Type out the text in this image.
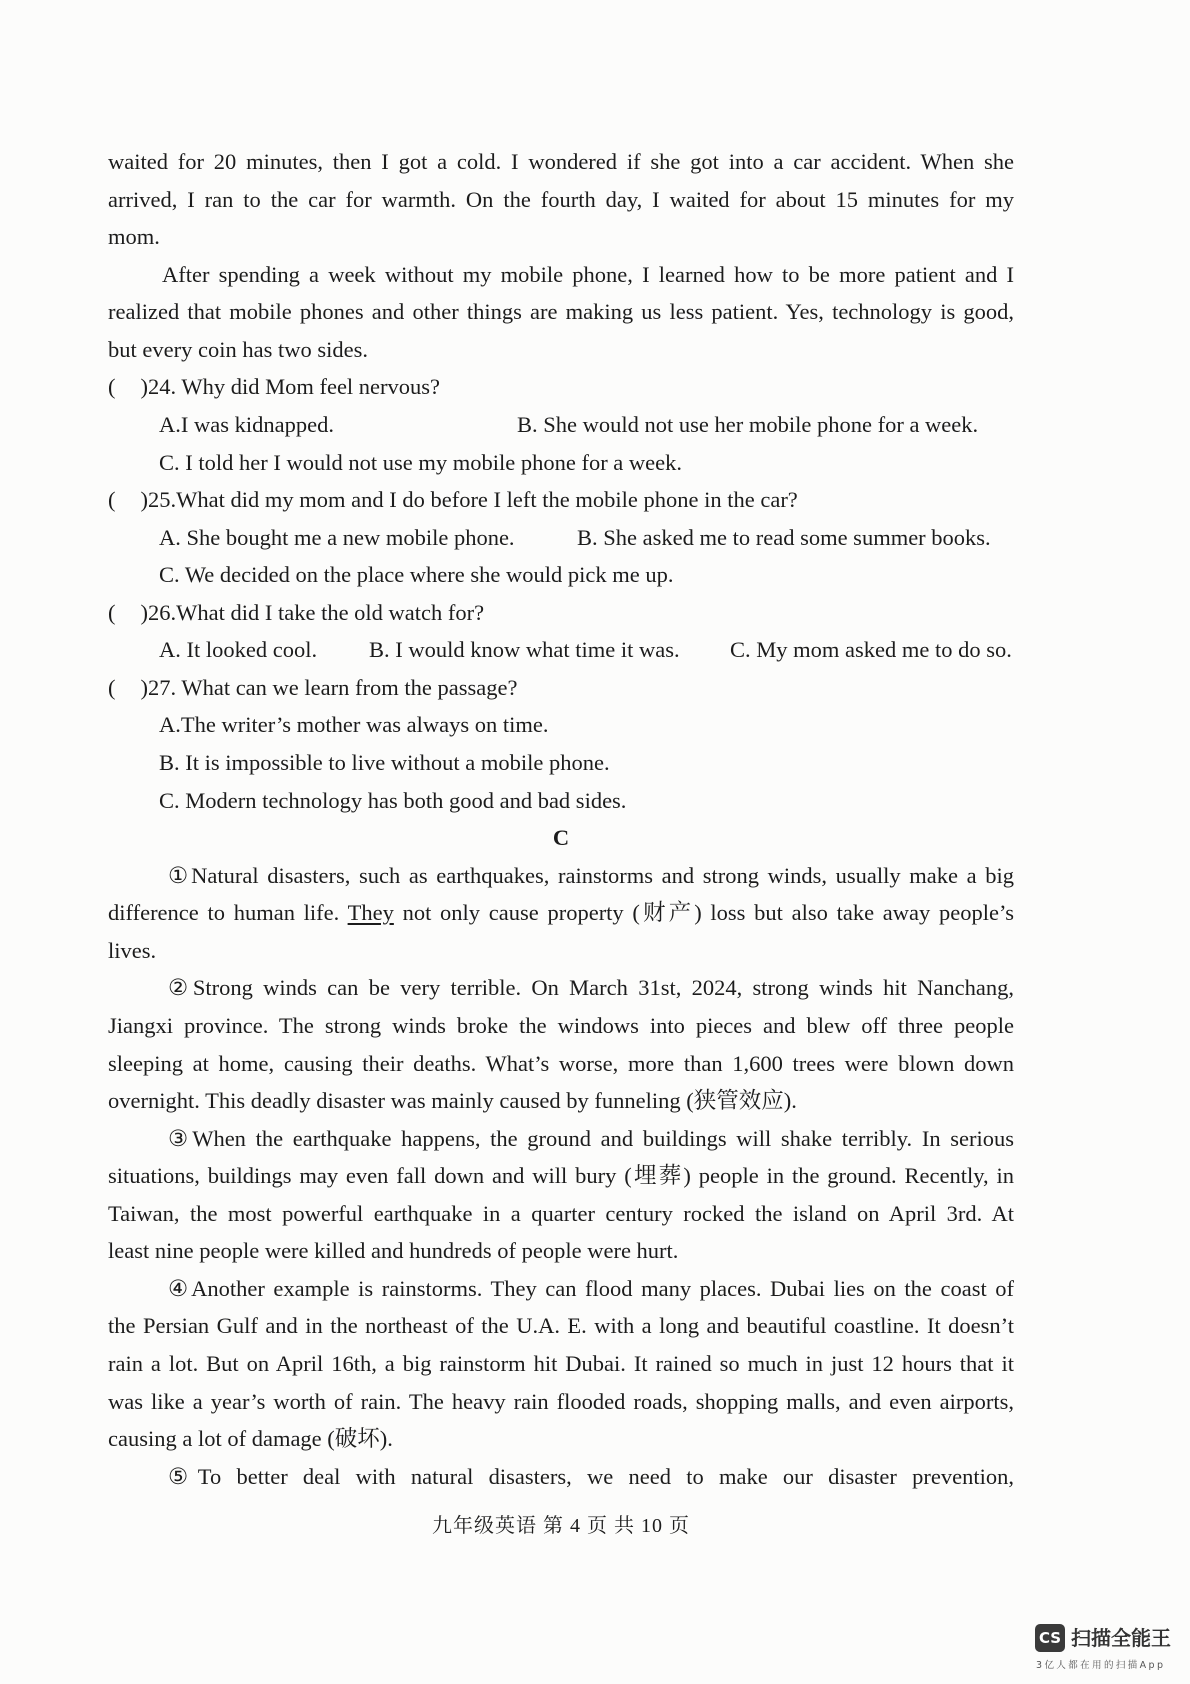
waited for 20 minutes, then I got a cold. I wondered if she got into a car accident. When she
arrived, I ran to the car for warmth. On the fourth day, I waited for about 15 minutes for my
mom.
After spending a week without my mobile phone, I learned how to be more patient and I
realized that mobile phones and other things are making us less patient. Yes, technology is good,
but every coin has two sides.
( )24. Why did Mom feel nervous?
A.I was kidnapped.	B. She would not use her mobile phone for a week.
C. I told her I would not use my mobile phone for a week.
( )25.What did my mom and I do before I left the mobile phone in the car?
A. She bought me a new mobile phone.	B. She asked me to read some summer books.
C. We decided on the place where she would pick me up.
( )26.What did I take the old watch for?
A. It looked cool. B. I would know what time it was. C. My mom asked me to do so.
( )27. What can we learn from the passage?
A.The writer’s mother was always on time.
B. It is impossible to live without a mobile phone.
C. Modern technology has both good and bad sides.
C
①Natural disasters, such as earthquakes, rainstorms and strong winds, usually make a big
difference to human life. They not only cause property (财产) loss but also take away people’s
lives.
②Strong winds can be very terrible. On March 31st, 2024, strong winds hit Nanchang,
Jiangxi province. The strong winds broke the windows into pieces and blew off three people
sleeping at home, causing their deaths. What’s worse, more than 1,600 trees were blown down
overnight. This deadly disaster was mainly caused by funneling (狭管效应).
③When the earthquake happens, the ground and buildings will shake terribly. In serious
situations, buildings may even fall down and will bury (埋葬) people in the ground. Recently, in
Taiwan, the most powerful earthquake in a quarter century rocked the island on April 3rd. At
least nine people were killed and hundreds of people were hurt.
④Another example is rainstorms. They can flood many places. Dubai lies on the coast of
the Persian Gulf and in the northeast of the U.A. E. with a long and beautiful coastline. It doesn’t
rain a lot. But on April 16th, a big rainstorm hit Dubai. It rained so much in just 12 hours that it
was like a year’s worth of rain. The heavy rain flooded roads, shopping malls, and even airports,
causing a lot of damage (破坏).
⑤To better deal with natural disasters, we need to make our disaster prevention,
九年级英语 第 4 页 共 10 页
CS 扫描全能王
3亿人都在用的扫描App
